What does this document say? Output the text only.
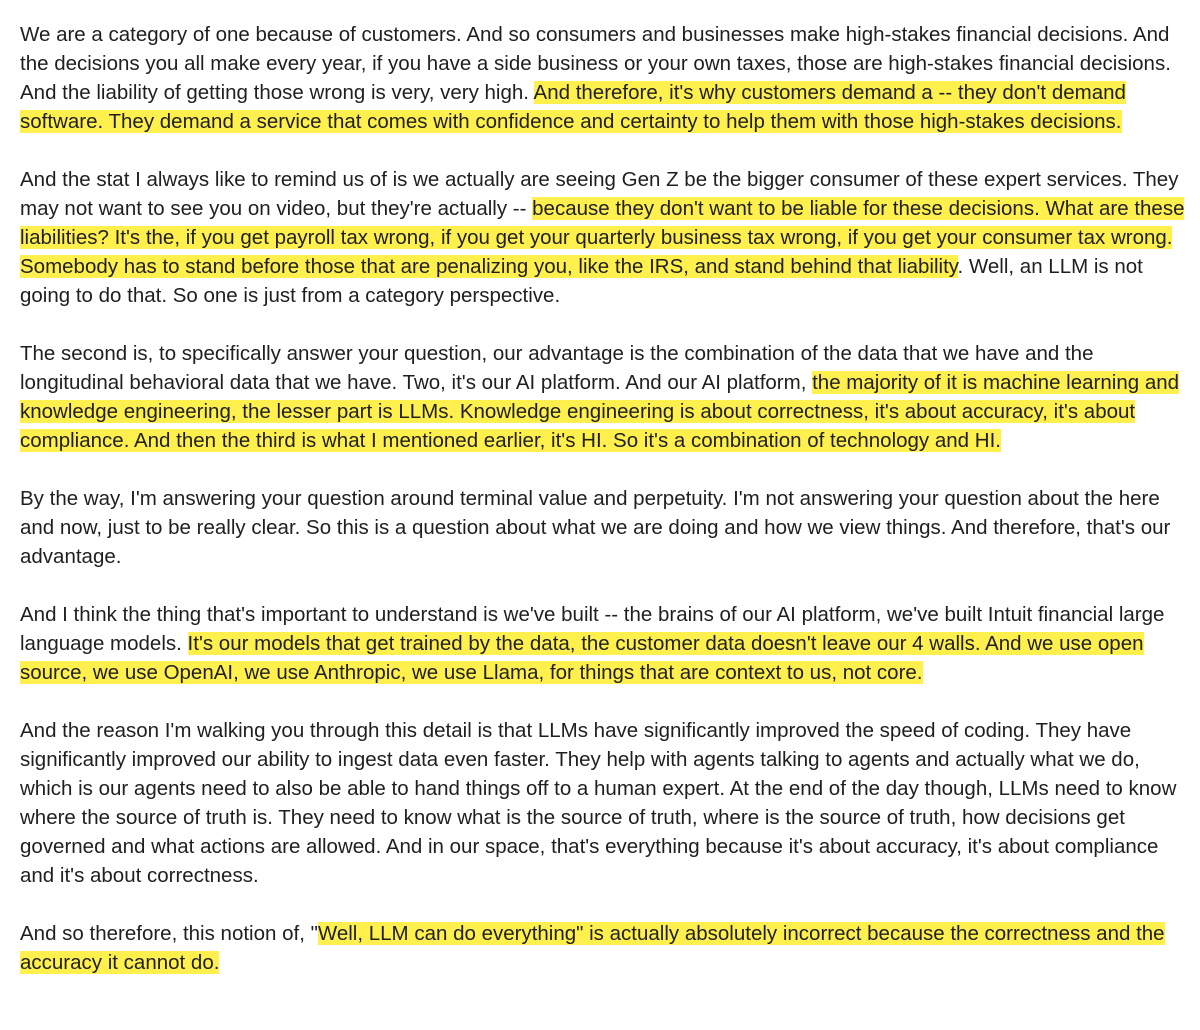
We are a category of one because of customers. And so consumers and businesses make high-stakes financial decisions. And the decisions you all make every year, if you have a side business or your own taxes, those are high-stakes financial decisions. And the liability of getting those wrong is very, very high. And therefore, it's why customers demand a -- they don't demand software. They demand a service that comes with confidence and certainty to help them with those high-stakes decisions.

And the stat I always like to remind us of is we actually are seeing Gen Z be the bigger consumer of these expert services. They may not want to see you on video, but they're actually -- because they don't want to be liable for these decisions. What are these liabilities? It's the, if you get payroll tax wrong, if you get your quarterly business tax wrong, if you get your consumer tax wrong. Somebody has to stand before those that are penalizing you, like the IRS, and stand behind that liability. Well, an LLM is not going to do that. So one is just from a category perspective.

The second is, to specifically answer your question, our advantage is the combination of the data that we have and the longitudinal behavioral data that we have. Two, it's our AI platform. And our AI platform, the majority of it is machine learning and knowledge engineering, the lesser part is LLMs. Knowledge engineering is about correctness, it's about accuracy, it's about compliance. And then the third is what I mentioned earlier, it's HI. So it's a combination of technology and HI.

By the way, I'm answering your question around terminal value and perpetuity. I'm not answering your question about the here and now, just to be really clear. So this is a question about what we are doing and how we view things. And therefore, that's our advantage.

And I think the thing that's important to understand is we've built -- the brains of our AI platform, we've built Intuit financial large language models. It's our models that get trained by the data, the customer data doesn't leave our 4 walls. And we use open source, we use OpenAI, we use Anthropic, we use Llama, for things that are context to us, not core.

And the reason I'm walking you through this detail is that LLMs have significantly improved the speed of coding. They have significantly improved our ability to ingest data even faster. They help with agents talking to agents and actually what we do, which is our agents need to also be able to hand things off to a human expert. At the end of the day though, LLMs need to know where the source of truth is. They need to know what is the source of truth, where is the source of truth, how decisions get governed and what actions are allowed. And in our space, that's everything because it's about accuracy, it's about compliance and it's about correctness.

And so therefore, this notion of, "Well, LLM can do everything" is actually absolutely incorrect because the correctness and the accuracy it cannot do.
